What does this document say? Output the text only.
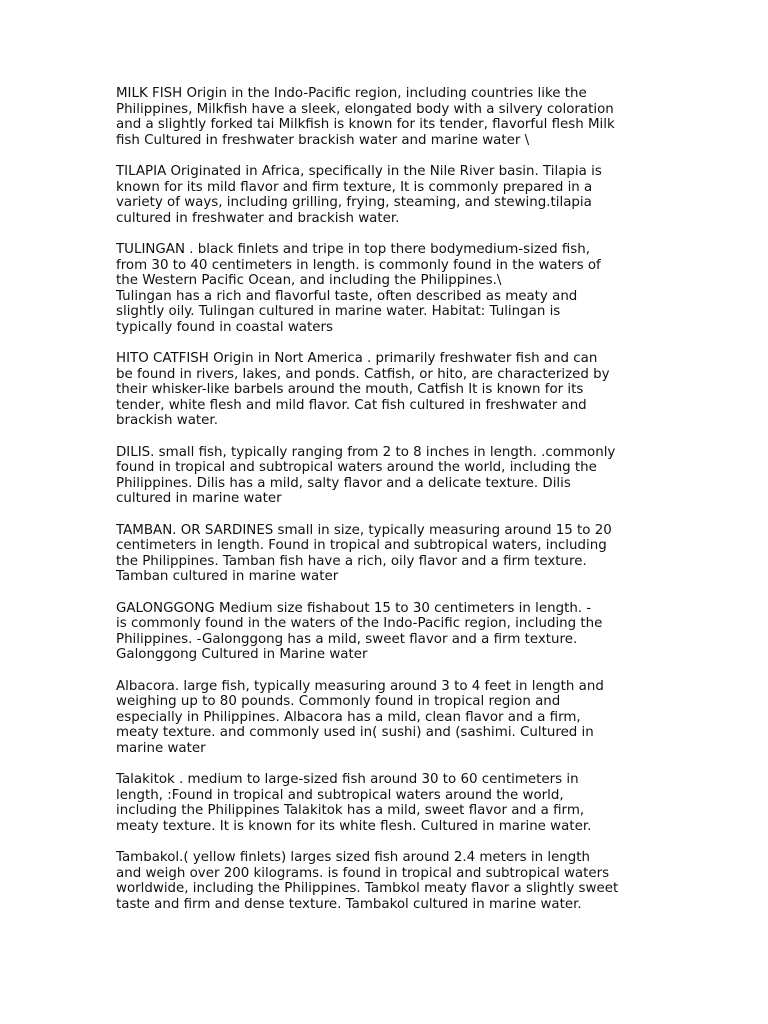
MILK FISH Origin in the Indo-Pacific region, including countries like the
Philippines, Milkfish have a sleek, elongated body with a silvery coloration
and a slightly forked tai Milkfish is known for its tender, flavorful flesh Milk
fish Cultured in freshwater brackish water and marine water \

TILAPIA Originated in Africa, specifically in the Nile River basin. Tilapia is
known for its mild flavor and firm texture, It is commonly prepared in a
variety of ways, including grilling, frying, steaming, and stewing.tilapia
cultured in freshwater and brackish water.

TULINGAN . black finlets and tripe in top there bodymedium-sized fish,
from 30 to 40 centimeters in length. is commonly found in the waters of
the Western Pacific Ocean, and including the Philippines.\
Tulingan has a rich and flavorful taste, often described as meaty and
slightly oily. Tulingan cultured in marine water. Habitat: Tulingan is
typically found in coastal waters

HITO CATFISH Origin in Nort America . primarily freshwater fish and can
be found in rivers, lakes, and ponds. Catfish, or hito, are characterized by
their whisker-like barbels around the mouth, Catfish It is known for its
tender, white flesh and mild flavor. Cat fish cultured in freshwater and
brackish water.

DILIS. small fish, typically ranging from 2 to 8 inches in length. .commonly
found in tropical and subtropical waters around the world, including the
Philippines. Dilis has a mild, salty flavor and a delicate texture. Dilis
cultured in marine water

TAMBAN. OR SARDINES small in size, typically measuring around 15 to 20
centimeters in length. Found in tropical and subtropical waters, including
the Philippines. Tamban fish have a rich, oily flavor and a firm texture.
Tamban cultured in marine water

GALONGGONG Medium size fishabout 15 to 30 centimeters in length. -
is commonly found in the waters of the Indo-Pacific region, including the
Philippines. -Galonggong has a mild, sweet flavor and a firm texture.
Galonggong Cultured in Marine water

Albacora. large fish, typically measuring around 3 to 4 feet in length and
weighing up to 80 pounds. Commonly found in tropical region and
especially in Philippines. Albacora has a mild, clean flavor and a firm,
meaty texture. and commonly used in( sushi) and (sashimi. Cultured in
marine water

Talakitok . medium to large-sized fish around 30 to 60 centimeters in
length, :Found in tropical and subtropical waters around the world,
including the Philippines Talakitok has a mild, sweet flavor and a firm,
meaty texture. It is known for its white flesh. Cultured in marine water.

Tambakol.( yellow finlets) larges sized fish around 2.4 meters in length
and weigh over 200 kilograms. is found in tropical and subtropical waters
worldwide, including the Philippines. Tambkol meaty flavor a slightly sweet
taste and firm and dense texture. Tambakol cultured in marine water.
